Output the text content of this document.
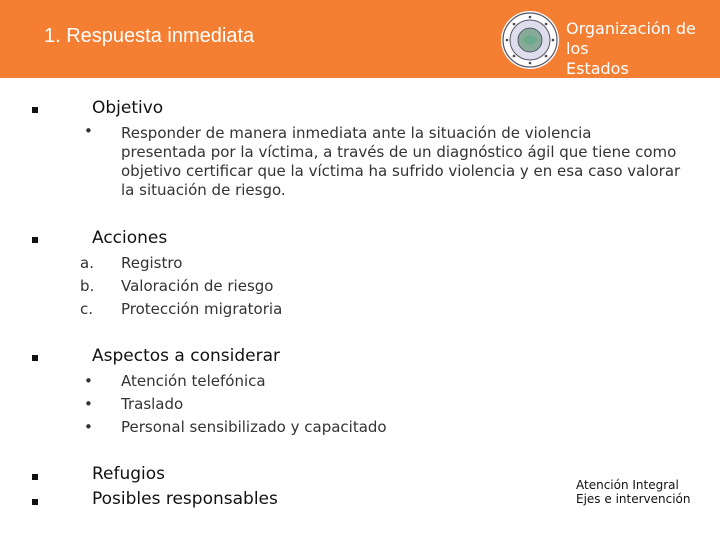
1. Respuesta inmediata	Organización de los
Estados Americanos
Objetivo
• Responder de manera inmediata ante la situación de violencia presentada por la víctima, a través de un diagnóstico ágil que tiene como objetivo certificar que la víctima ha sufrido violencia y en esa caso valorar la situación de riesgo.
Acciones
a. Registro
b. Valoración de riesgo
c. Protección migratoria
Aspectos a considerar
• Atención telefónica
• Traslado
• Personal sensibilizado y capacitado
Refugios
Posibles responsables
Atención Integral
Ejes e intervención
